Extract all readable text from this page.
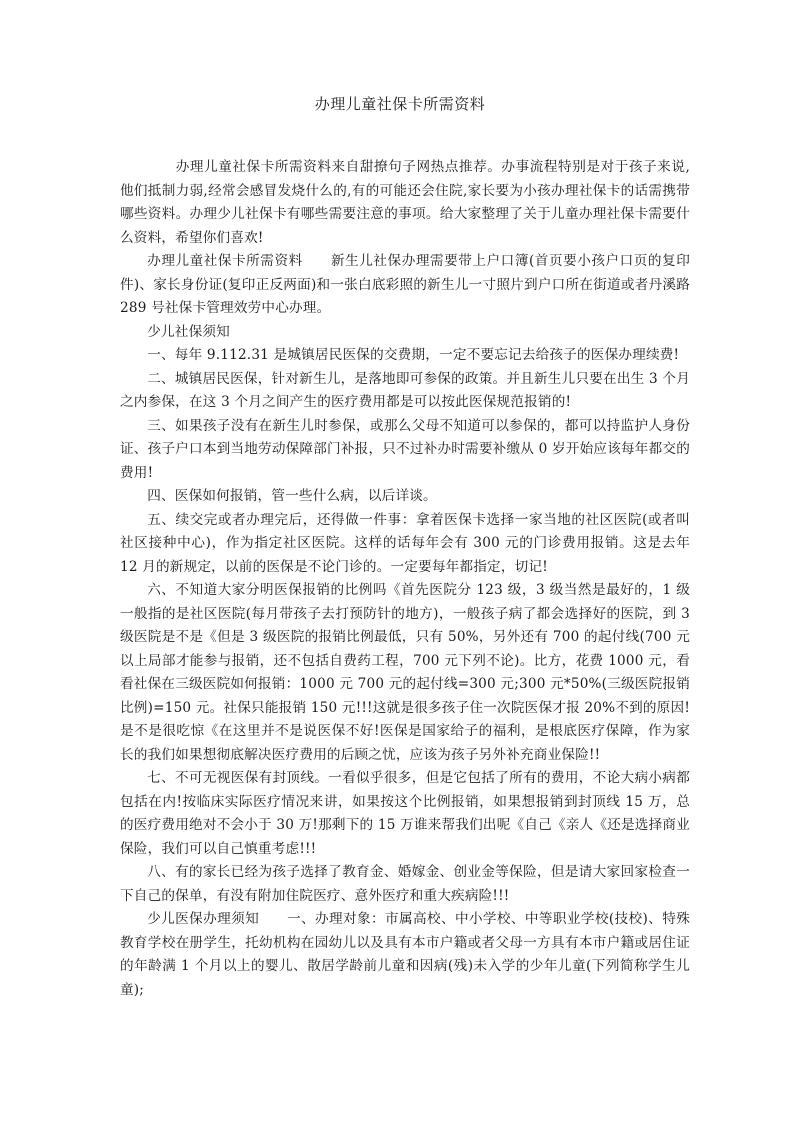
办理儿童社保卡所需资料

办理儿童社保卡所需资料来自甜撩句子网热点推荐。办事流程特别是对于孩子来说,他们抵制力弱,经常会感冒发烧什么的,有的可能还会住院,家长要为小孩办理社保卡的话需携带哪些资料。办理少儿社保卡有哪些需要注意的事项。给大家整理了关于儿童办理社保卡需要什么资料，希望你们喜欢!

办理儿童社保卡所需资料　　新生儿社保办理需要带上户口簿(首页要小孩户口页的复印件)、家长身份证(复印正反两面)和一张白底彩照的新生儿一寸照片到户口所在街道或者丹溪路 289 号社保卡管理效劳中心办理。

少儿社保须知

一、每年 9.112.31 是城镇居民医保的交费期，一定不要忘记去给孩子的医保办理续费!

二、城镇居民医保，针对新生儿，是落地即可参保的政策。并且新生儿只要在出生 3 个月之内参保，在这 3 个月之间产生的医疗费用都是可以按此医保规范报销的!

三、如果孩子没有在新生儿时参保，或那么父母不知道可以参保的，都可以持监护人身份证、孩子户口本到当地劳动保障部门补报，只不过补办时需要补缴从 0 岁开始应该每年都交的费用!

四、医保如何报销，管一些什么病，以后详谈。

五、续交完或者办理完后，还得做一件事：拿着医保卡选择一家当地的社区医院(或者叫社区接种中心)，作为指定社区医院。这样的话每年会有 300 元的门诊费用报销。这是去年 12 月的新规定，以前的医保是不论门诊的。一定要每年都指定，切记!

六、不知道大家分明医保报销的比例吗《首先医院分 123 级，3 级当然是最好的，1 级一般指的是社区医院(每月带孩子去打预防针的地方)，一般孩子病了都会选择好的医院，到 3 级医院是不是《但是 3 级医院的报销比例最低，只有 50%，另外还有 700 的起付线(700 元以上局部才能参与报销，还不包括自费药工程，700 元下列不论)。比方，花费 1000 元，看看社保在三级医院如何报销：1000 元 700 元的起付线=300 元;300 元*50%(三级医院报销比例)=150 元。社保只能报销 150 元!!!这就是很多孩子住一次院医保才报 20%不到的原因!是不是很吃惊《在这里并不是说医保不好!医保是国家给子的福利，是根底医疗保障，作为家长的我们如果想彻底解决医疗费用的后顾之忧，应该为孩子另外补充商业保险!!

七、不可无视医保有封顶线。一看似乎很多，但是它包括了所有的费用，不论大病小病都包括在内!按临床实际医疗情况来讲，如果按这个比例报销，如果想报销到封顶线 15 万，总的医疗费用绝对不会小于 30 万!那剩下的 15 万谁来帮我们出呢《自己《亲人《还是选择商业保险，我们可以自己慎重考虑!!!

八、有的家长已经为孩子选择了教育金、婚嫁金、创业金等保险，但是请大家回家检查一下自己的保单，有没有附加住院医疗、意外医疗和重大疾病险!!!

少儿医保办理须知　　一、办理对象：市属高校、中小学校、中等职业学校(技校)、特殊教育学校在册学生，托幼机构在园幼儿以及具有本市户籍或者父母一方具有本市户籍或居住证的年龄满 1 个月以上的婴儿、散居学龄前儿童和因病(残)未入学的少年儿童(下列简称学生儿童);
